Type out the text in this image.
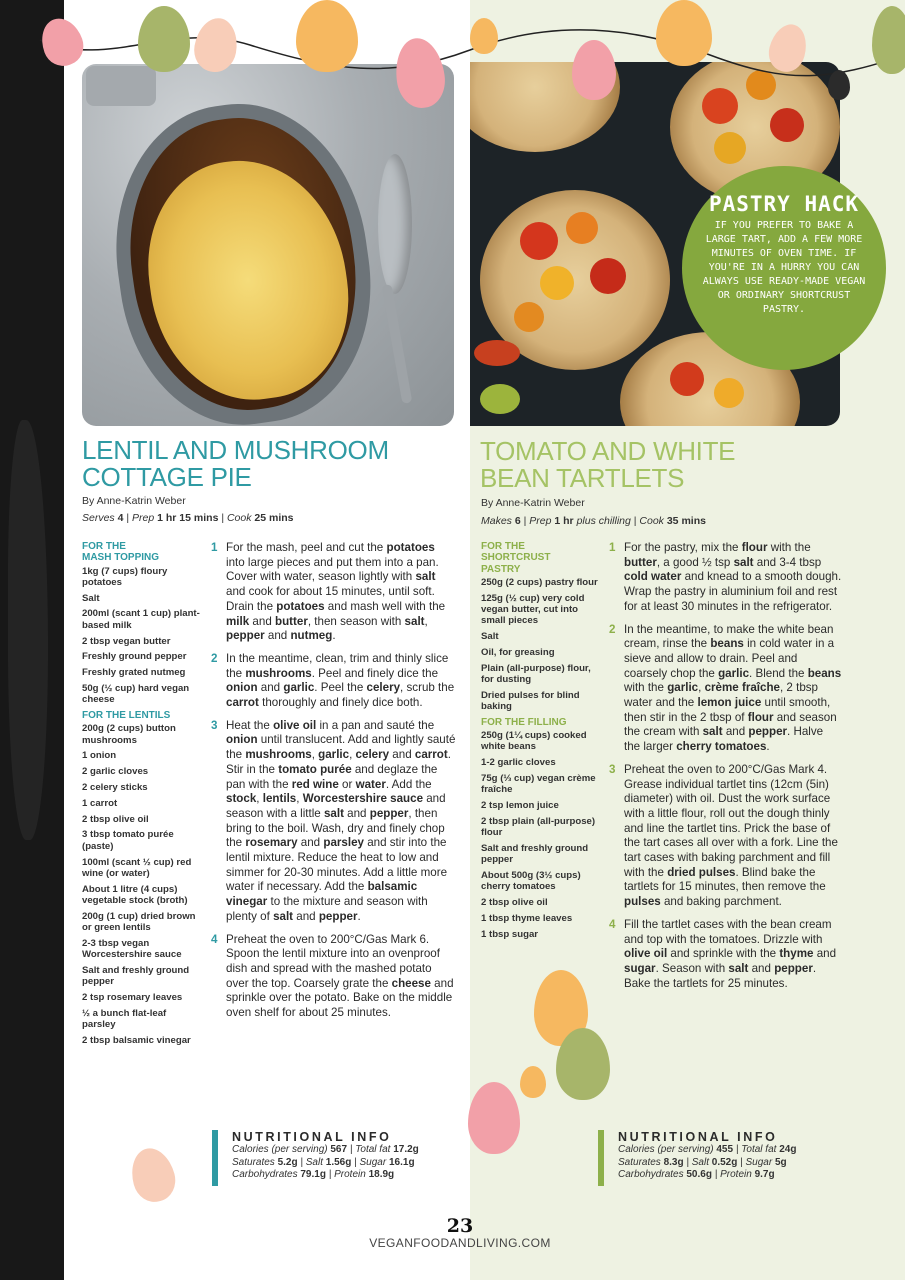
PASTRY HACK
IF YOU PREFER TO BAKE A LARGE TART, ADD A FEW MORE MINUTES OF OVEN TIME. IF YOU'RE IN A HURRY YOU CAN ALWAYS USE READY-MADE VEGAN OR ORDINARY SHORTCRUST PASTRY.
LENTIL AND MUSHROOM
COTTAGE PIE
By Anne-Katrin Weber
Serves 4 | Prep 1 hr 15 mins | Cook 25 mins
FOR THE
MASH TOPPING
1kg (7 cups) floury potatoes
Salt
200ml (scant 1 cup) plant-based milk
2 tbsp vegan butter
Freshly ground pepper
Freshly grated nutmeg
50g (½ cup) hard vegan cheese
FOR THE LENTILS
200g (2 cups) button mushrooms
1 onion
2 garlic cloves
2 celery sticks
1 carrot
2 tbsp olive oil
3 tbsp tomato purée (paste)
100ml (scant ½ cup) red wine (or water)
About 1 litre (4 cups) vegetable stock (broth)
200g (1 cup) dried brown or green lentils
2-3 tbsp vegan Worcestershire sauce
Salt and freshly ground pepper
2 tsp rosemary leaves
½ a bunch flat-leaf parsley
2 tbsp balsamic vinegar
1 For the mash, peel and cut the potatoes into large pieces and put them into a pan. Cover with water, season lightly with salt and cook for about 15 minutes, until soft. Drain the potatoes and mash well with the milk and butter, then season with salt, pepper and nutmeg.
2 In the meantime, clean, trim and thinly slice the mushrooms. Peel and finely dice the onion and garlic. Peel the celery, scrub the carrot thoroughly and finely dice both.
3 Heat the olive oil in a pan and sauté the onion until translucent. Add and lightly sauté the mushrooms, garlic, celery and carrot. Stir in the tomato purée and deglaze the pan with the red wine or water. Add the stock, lentils, Worcestershire sauce and season with a little salt and pepper, then bring to the boil. Wash, dry and finely chop the rosemary and parsley and stir into the lentil mixture. Reduce the heat to low and simmer for 20-30 minutes. Add a little more water if necessary. Add the balsamic vinegar to the mixture and season with plenty of salt and pepper.
4 Preheat the oven to 200°C/Gas Mark 6. Spoon the lentil mixture into an ovenproof dish and spread with the mashed potato over the top. Coarsely grate the cheese and sprinkle over the potato. Bake on the middle oven shelf for about 25 minutes.
NUTRITIONAL INFO
Calories (per serving) 567 | Total fat 17.2g
Saturates 5.2g | Salt 1.56g | Sugar 16.1g
Carbohydrates 79.1g | Protein 18.9g
TOMATO AND WHITE
BEAN TARTLETS
By Anne-Katrin Weber
Makes 6 | Prep 1 hr plus chilling | Cook 35 mins
FOR THE
SHORTCRUST
PASTRY
250g (2 cups) pastry flour
125g (½ cup) very cold vegan butter, cut into small pieces
Salt
Oil, for greasing
Plain (all-purpose) flour, for dusting
Dried pulses for blind baking
FOR THE FILLING
250g (1¼ cups) cooked white beans
1-2 garlic cloves
75g (⅓ cup) vegan crème fraîche
2 tsp lemon juice
2 tbsp plain (all-purpose) flour
Salt and freshly ground pepper
About 500g (3½ cups) cherry tomatoes
2 tbsp olive oil
1 tbsp thyme leaves
1 tbsp sugar
1 For the pastry, mix the flour with the butter, a good ½ tsp salt and 3-4 tbsp cold water and knead to a smooth dough. Wrap the pastry in aluminium foil and rest for at least 30 minutes in the refrigerator.
2 In the meantime, to make the white bean cream, rinse the beans in cold water in a sieve and allow to drain. Peel and coarsely chop the garlic. Blend the beans with the garlic, crème fraîche, 2 tbsp water and the lemon juice until smooth, then stir in the 2 tbsp of flour and season the cream with salt and pepper. Halve the larger cherry tomatoes.
3 Preheat the oven to 200°C/Gas Mark 4. Grease individual tartlet tins (12cm (5in) diameter) with oil. Dust the work surface with a little flour, roll out the dough thinly and line the tartlet tins. Prick the base of the tart cases all over with a fork. Line the tart cases with baking parchment and fill with the dried pulses. Blind bake the tartlets for 15 minutes, then remove the pulses and baking parchment.
4 Fill the tartlet cases with the bean cream and top with the tomatoes. Drizzle with olive oil and sprinkle with the thyme and sugar. Season with salt and pepper. Bake the tartlets for 25 minutes.
NUTRITIONAL INFO
Calories (per serving) 455 | Total fat 24g
Saturates 8.3g | Salt 0.52g | Sugar 5g
Carbohydrates 50.6g | Protein 9.7g
23
VEGANFOODANDLIVING.COM
